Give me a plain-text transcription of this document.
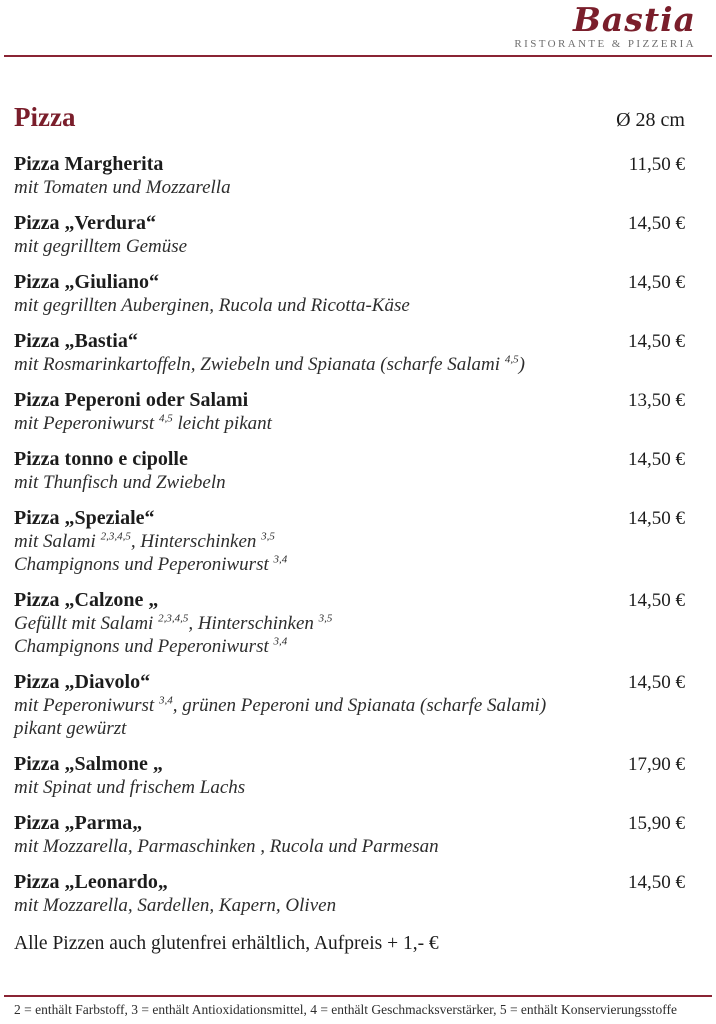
Bastia
RISTORANTE & PIZZERIA
Pizza	Ø 28 cm
Pizza Margherita	11,50 €
mit Tomaten und Mozzarella
Pizza „Verdura“	14,50 €
mit gegrilltem Gemüse
Pizza „Giuliano“	14,50 €
mit gegrillten Auberginen, Rucola und Ricotta-Käse
Pizza „Bastia“	14,50 €
mit Rosmarinkartoffeln, Zwiebeln und Spianata (scharfe Salami $^{4,5}$)
Pizza Peperoni oder Salami	13,50 €
mit Peperoniwurst $^{4,5}$ leicht pikant
Pizza tonno e cipolle	14,50 €
mit Thunfisch und Zwiebeln
Pizza „Speziale“	14,50 €
mit Salami $^{2,3,4,5}$, Hinterschinken $^{3,5}$
Champignons und Peperoniwurst $^{3,4}$
Pizza „Calzone „	14,50 €
Gefüllt mit Salami $^{2,3,4,5}$, Hinterschinken $^{3,5}$
Champignons und Peperoniwurst $^{3,4}$
Pizza „Diavolo“	14,50 €
mit Peperoniwurst $^{3,4}$, grünen Peperoni und Spianata (scharfe Salami)
pikant gewürzt
Pizza „Salmone „	17,90 €
mit Spinat und frischem Lachs
Pizza „Parma„	15,90 €
mit Mozzarella, Parmaschinken , Rucola und Parmesan
Pizza „Leonardo„	14,50 €
mit Mozzarella, Sardellen, Kapern, Oliven
Alle Pizzen auch glutenfrei erhältlich, Aufpreis + 1,- €
2 = enthält Farbstoff, 3 = enthält Antioxidationsmittel, 4 = enthält Geschmacksverstärker, 5 = enthält Konservierungsstoffe
